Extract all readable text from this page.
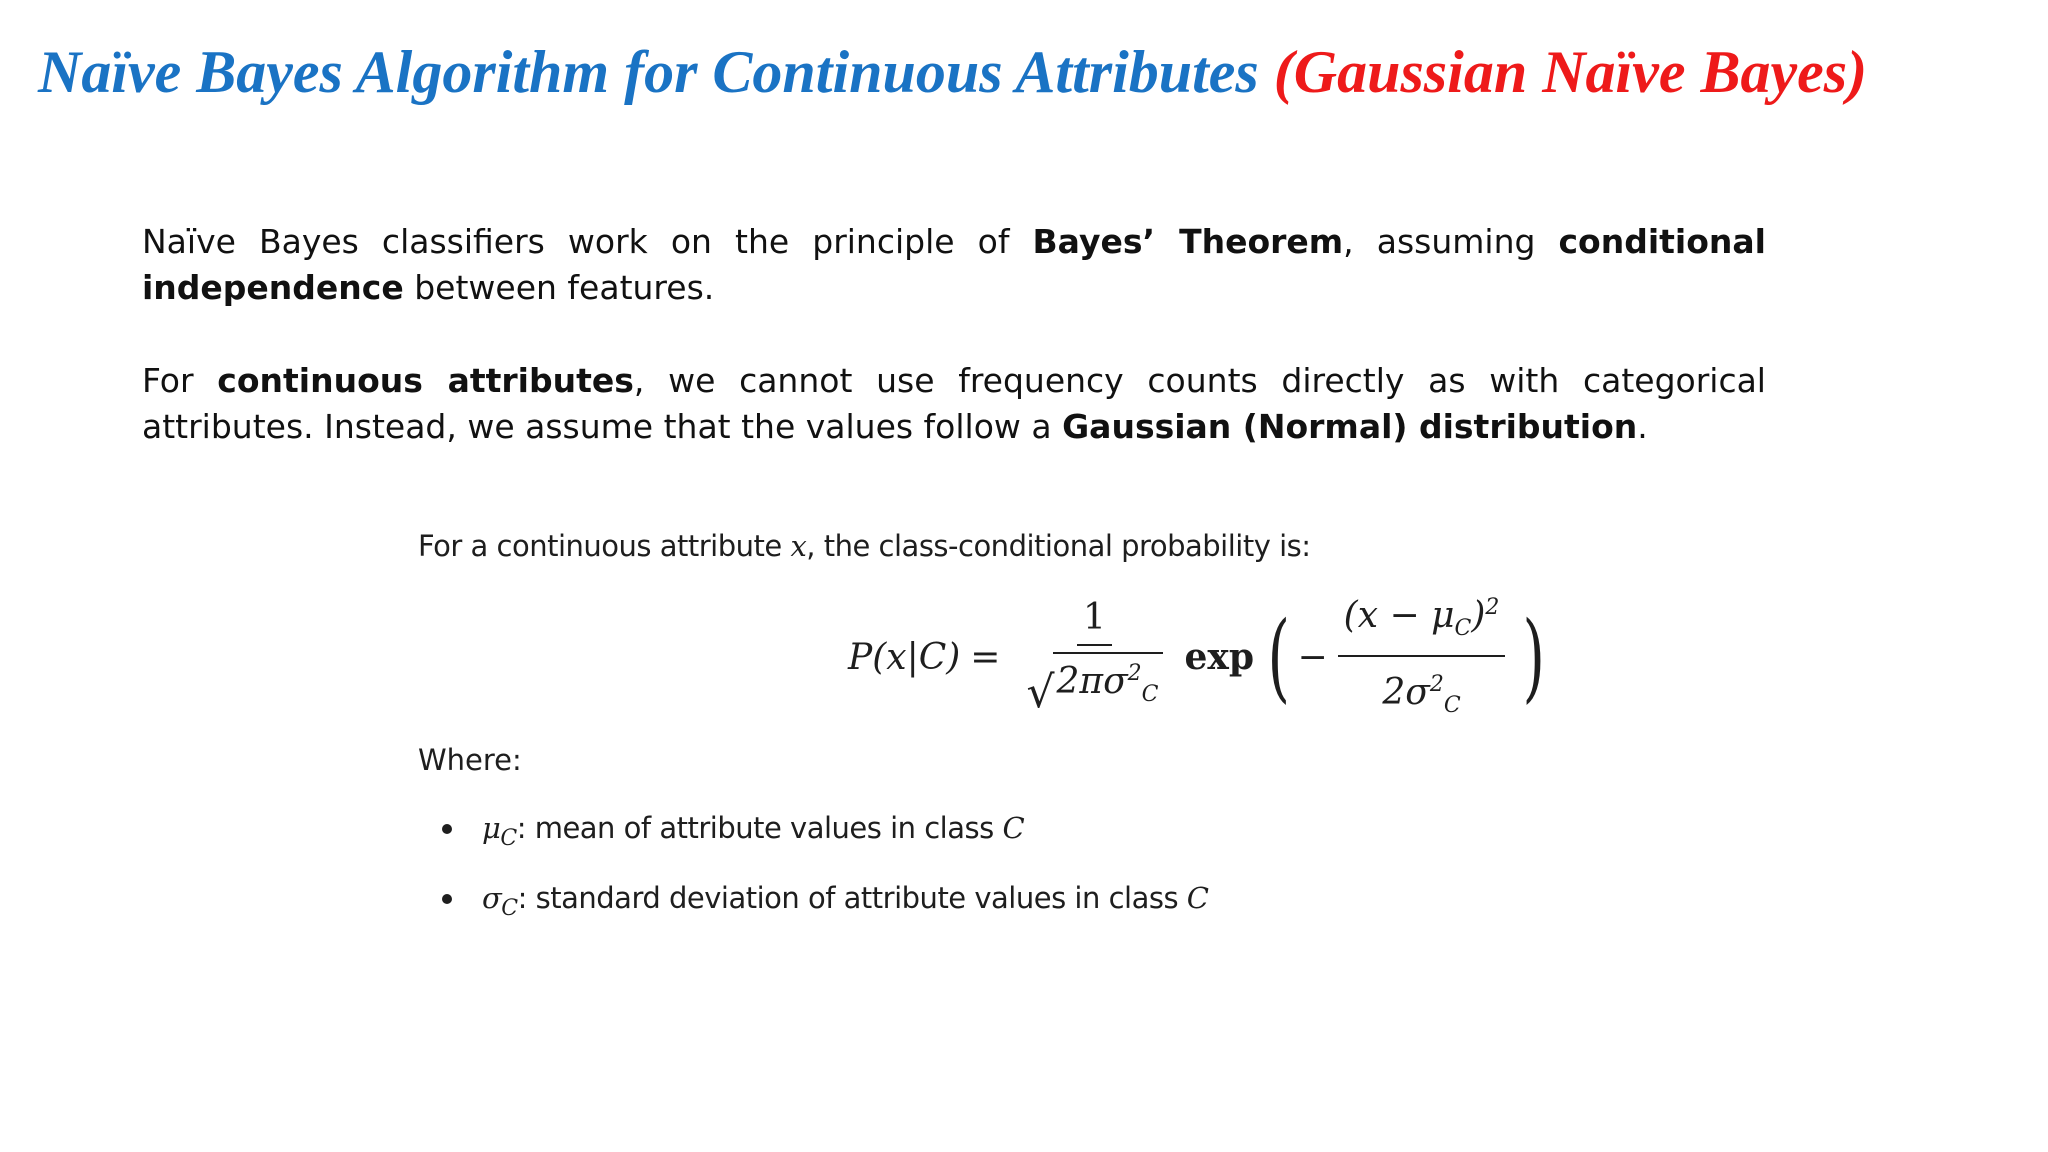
Naïve Bayes Algorithm for Continuous Attributes (Gaussian Naïve Bayes)

Naïve Bayes classifiers work on the principle of Bayes’ Theorem, assuming conditional independence between features.

For continuous attributes, we cannot use frequency counts directly as with categorical attributes. Instead, we assume that the values follow a Gaussian (Normal) distribution.

For a continuous attribute x, the class-conditional probability is:
$P(x|C) = \frac{1}{√ 2\pi\sigma^2_C}$ exp ( − $\frac{(x - \mu_C)^2}{2\sigma^2_C}$ )
Where:
$\mu_C$: mean of attribute values in class C
$\sigma_C$: standard deviation of attribute values in class C
